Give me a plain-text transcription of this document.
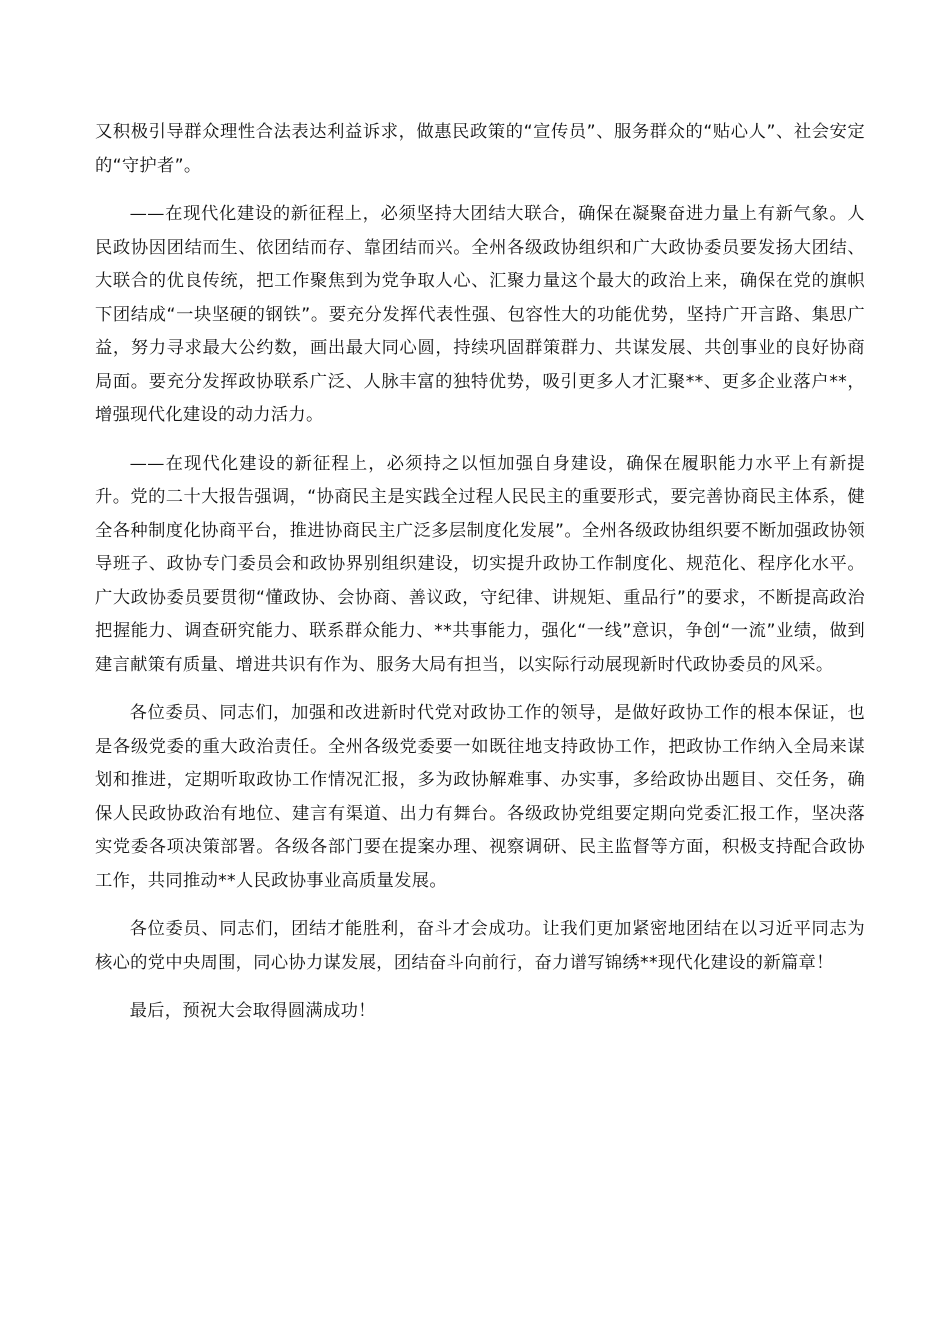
又积极引导群众理性合法表达利益诉求，做惠民政策的“宣传员”、服务群众的“贴心人”、社会安定的“守护者”。

——在现代化建设的新征程上，必须坚持大团结大联合，确保在凝聚奋进力量上有新气象。人民政协因团结而生、依团结而存、靠团结而兴。全州各级政协组织和广大政协委员要发扬大团结、大联合的优良传统，把工作聚焦到为党争取人心、汇聚力量这个最大的政治上来，确保在党的旗帜下团结成“一块坚硬的钢铁”。要充分发挥代表性强、包容性大的功能优势，坚持广开言路、集思广益，努力寻求最大公约数，画出最大同心圆，持续巩固群策群力、共谋发展、共创事业的良好协商局面。要充分发挥政协联系广泛、人脉丰富的独特优势，吸引更多人才汇聚**、更多企业落户**，增强现代化建设的动力活力。

——在现代化建设的新征程上，必须持之以恒加强自身建设，确保在履职能力水平上有新提升。党的二十大报告强调，“协商民主是实践全过程人民民主的重要形式，要完善协商民主体系，健全各种制度化协商平台，推进协商民主广泛多层制度化发展”。全州各级政协组织要不断加强政协领导班子、政协专门委员会和政协界别组织建设，切实提升政协工作制度化、规范化、程序化水平。广大政协委员要贯彻“懂政协、会协商、善议政，守纪律、讲规矩、重品行”的要求，不断提高政治把握能力、调查研究能力、联系群众能力、**共事能力，强化“一线”意识，争创“一流”业绩，做到建言献策有质量、增进共识有作为、服务大局有担当，以实际行动展现新时代政协委员的风采。

各位委员、同志们，加强和改进新时代党对政协工作的领导，是做好政协工作的根本保证，也是各级党委的重大政治责任。全州各级党委要一如既往地支持政协工作，把政协工作纳入全局来谋划和推进，定期听取政协工作情况汇报，多为政协解难事、办实事，多给政协出题目、交任务，确保人民政协政治有地位、建言有渠道、出力有舞台。各级政协党组要定期向党委汇报工作，坚决落实党委各项决策部署。各级各部门要在提案办理、视察调研、民主监督等方面，积极支持配合政协工作，共同推动**人民政协事业高质量发展。

各位委员、同志们，团结才能胜利，奋斗才会成功。让我们更加紧密地团结在以习近平同志为核心的党中央周围，同心协力谋发展，团结奋斗向前行，奋力谱写锦绣**现代化建设的新篇章！

最后，预祝大会取得圆满成功！
